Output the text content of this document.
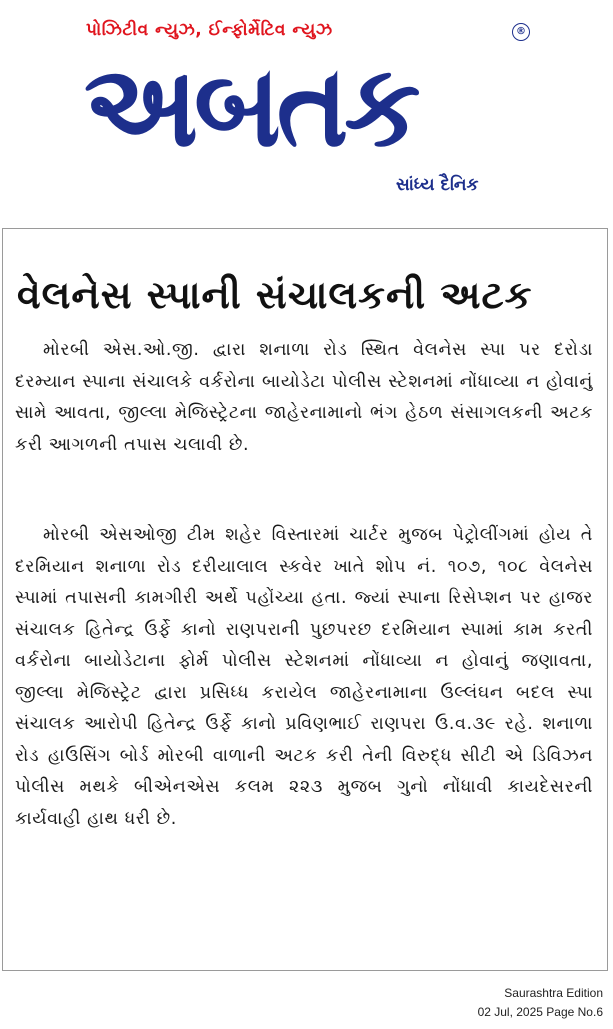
પોઝિટીવ ન્યુઝ, ઈન્ફોર્મેટિવ ન્યુઝ	®
અબતક
સાંધ્ય દૈનિક
વેલનેસ સ્પાની સંચાલકની અટક

મોરબી એસ.ઓ.જી. દ્વારા શનાળા રોડ સ્થિત વેલનેસ સ્પા પર દરોડા દરમ્યાન સ્પાના સંચાલકે વર્કરોના બાયોડેટા પોલીસ સ્ટેશનમાં નોંધાવ્યા ન હોવાનું સામે આવતા, જીલ્લા મેજિસ્ટ્રેટના જાહેરનામાનો ભંગ હેઠળ સંસાગલકની અટક કરી આગળની તપાસ ચલાવી છે.

મોરબી એસઓજી ટીમ શહેર વિસ્તારમાં ચાર્ટર મુજબ પેટ્રોલીંગમાં હોય તે દરમિયાન શનાળા રોડ દરીયાલાલ સ્કવેર ખાતે શોપ નં. ૧૦૭, ૧૦૮ વેલનેસ સ્પામાં તપાસની કામગીરી અર્થે પહોંચ્યા હતા. જ્યાં સ્પાના રિસેપ્શન પર હાજર સંચાલક હિતેન્દ્ર ઉર્ફે કાનો રાણપરાની પુછપરછ દરમિયાન સ્પામાં કામ કરતી વર્કરોના બાયોડેટાના ફોર્મ પોલીસ સ્ટેશનમાં નોંધાવ્યા ન હોવાનું જણાવતા, જીલ્લા મેજિસ્ટ્રેટ દ્વારા પ્રસિધ્ધ કરાયેલ જાહેરનામાના ઉલ્લંઘન બદલ સ્પા સંચાલક આરોપી હિતેન્દ્ર ઉર્ફે કાનો પ્રવિણભાઈ રાણપરા ઉ.વ.૩૯ રહે. શનાળા રોડ હાઉસિંગ બોર્ડ મોરબી વાળાની અટક કરી તેની વિરુદ્ધ સીટી એ ડિવિઝન પોલીસ મથકે બીએનએસ કલમ ૨૨૩ મુજબ ગુનો નોંધાવી કાયદેસરની કાર્યવાહી હાથ ધરી છે.

Saurashtra Edition
02 Jul, 2025 Page No.6
